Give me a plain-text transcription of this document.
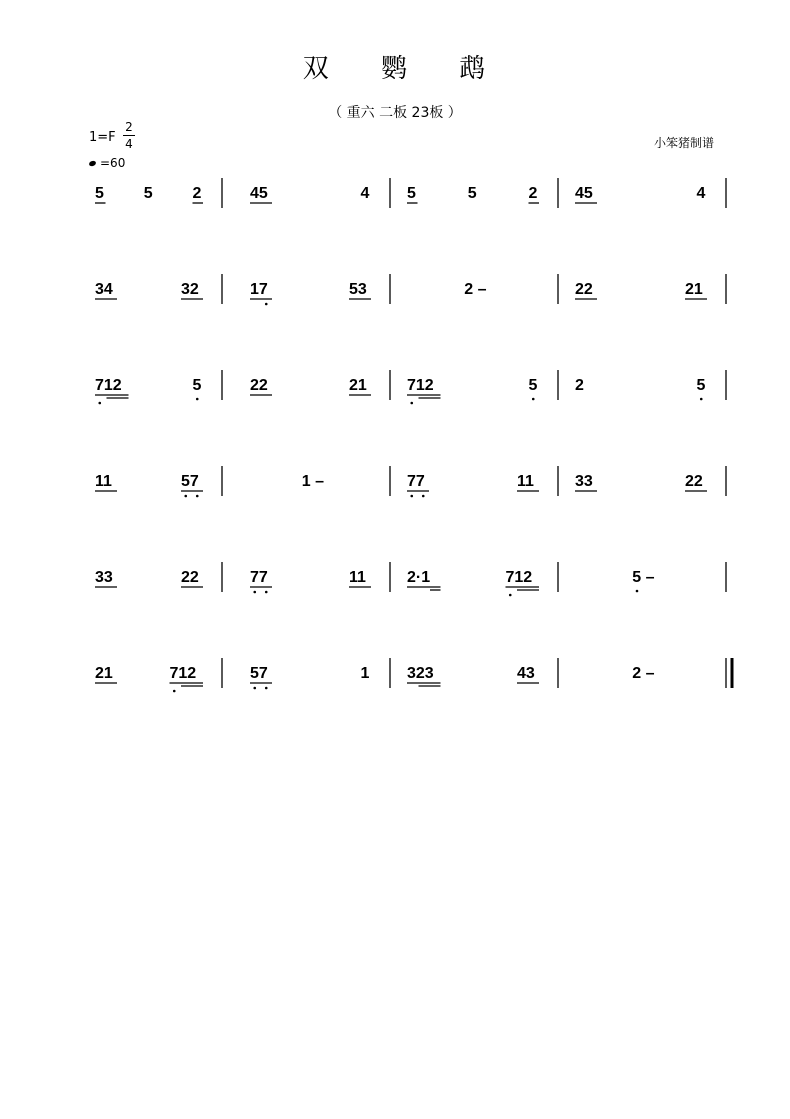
双 鹦 鹉
（ 重六 二板 23板 ）
1=F
2
4
=60
小笨猪制谱
5 5 2	45	4 5	5	2 45	4
34	32	17	53	2 –	22	21
712	5	22	21	712	5 2	5
11	57	1 –	77	11	33	22
33	22	77	11	2·1	712	5 –
21	712	57	1 323	43	2 –
